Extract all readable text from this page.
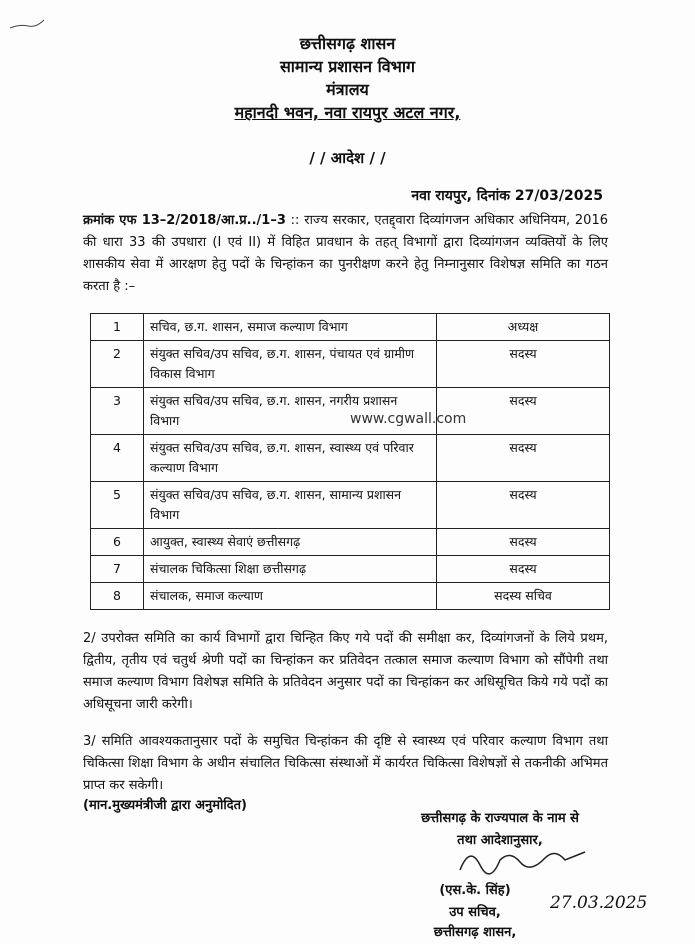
छत्तीसगढ़ शासन
सामान्य प्रशासन विभाग
मंत्रालय
महानदी भवन, नवा रायपुर अटल नगर,
/ / आदेश / /
नवा रायपुर, दिनांक 27/03/2025
क्रमांक एफ 13–2/2018/आ.प्र../1–3 :: राज्य सरकार, एतद्द्वारा दिव्यांगजन अधिकार अधिनियम, 2016 की धारा 33 की उपधारा (I एवं II) में विहित प्रावधान के तहत् विभागों द्वारा दिव्यांगजन व्यक्तियों के लिए शासकीय सेवा में आरक्षण हेतु पदों के चिन्हांकन का पुनरीक्षण करने हेतु निम्नानुसार विशेषज्ञ समिति का गठन करता है :–
1	सचिव, छ.ग. शासन, समाज कल्याण विभाग	अध्यक्ष
2	संयुक्त सचिव/उप सचिव, छ.ग. शासन, पंचायत एवं ग्रामीण विकास विभाग	सदस्य
3	संयुक्त सचिव/उप सचिव, छ.ग. शासन, नगरीय प्रशासन विभाग	सदस्य
4	संयुक्त सचिव/उप सचिव, छ.ग. शासन, स्वास्थ्य एवं परिवार कल्याण विभाग	सदस्य
5	संयुक्त सचिव/उप सचिव, छ.ग. शासन, सामान्य प्रशासन विभाग	सदस्य
6	आयुक्त, स्वास्थ्य सेवाएं छत्तीसगढ़	सदस्य
7	संचालक चिकित्सा शिक्षा छत्तीसगढ़	सदस्य
8	संचालक, समाज कल्याण	सदस्य सचिव
www.cgwall.com
2/ उपरोक्त समिति का कार्य विभागों द्वारा चिन्हित किए गये पदों की समीक्षा कर, दिव्यांगजनों के लिये प्रथम, द्वितीय, तृतीय एवं चतुर्थ श्रेणी पदों का चिन्हांकन कर प्रतिवेदन तत्काल समाज कल्याण विभाग को सौंपेगी तथा समाज कल्याण विभाग विशेषज्ञ समिति के प्रतिवेदन अनुसार पदों का चिन्हांकन कर अधिसूचित किये गये पदों का अधिसूचना जारी करेगी।
3/ समिति आवश्यकतानुसार पदों के समुचित चिन्हांकन की दृष्टि से स्वास्थ्य एवं परिवार कल्याण विभाग तथा चिकित्सा शिक्षा विभाग के अधीन संचालित चिकित्सा संस्थाओं में कार्यरत चिकित्सा विशेषज्ञों से तकनीकी अभिमत प्राप्त कर सकेगी।
(मान.मुख्यमंत्रीजी द्वारा अनुमोदित)
छत्तीसगढ़ के राज्यपाल के नाम से
तथा आदेशानुसार,
(एस.के. सिंह)
उप सचिव,
छत्तीसगढ़ शासन,
27.03.2025
